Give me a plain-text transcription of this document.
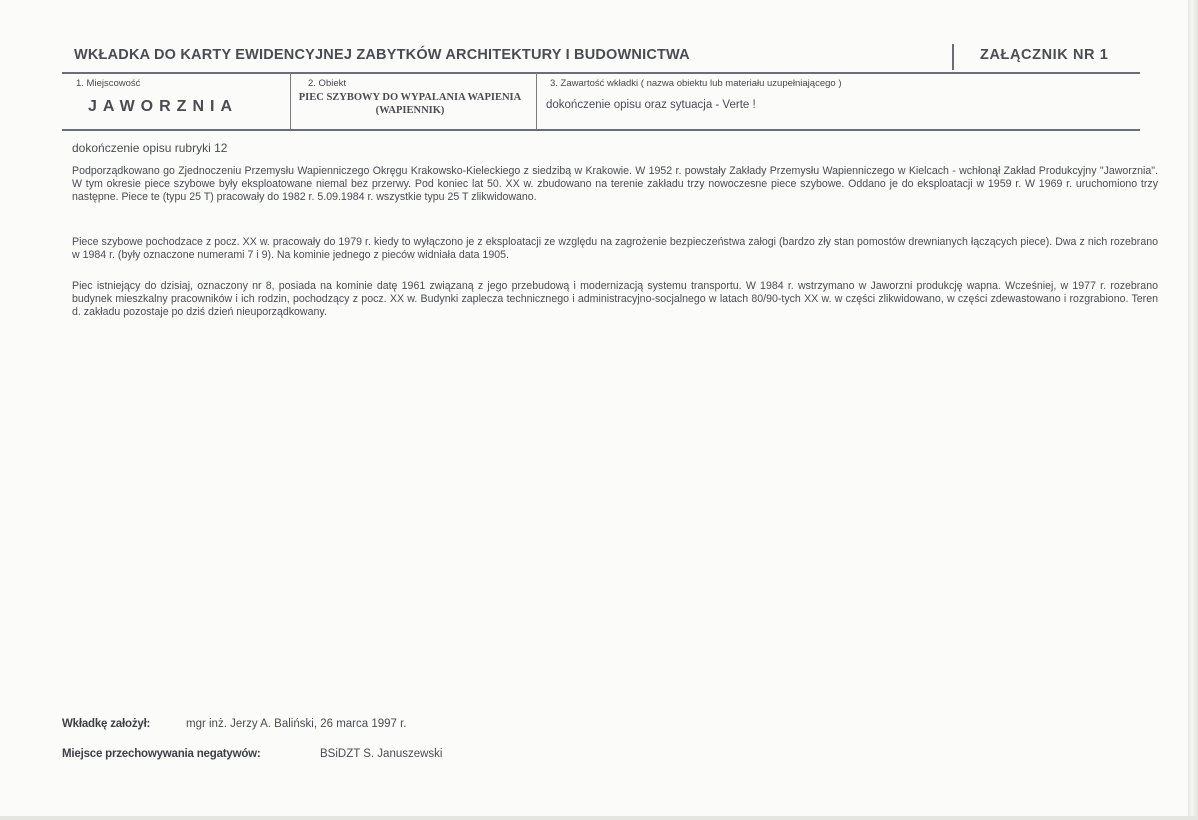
WKŁADKA DO KARTY EWIDENCYJNEJ ZABYTKÓW ARCHITEKTURY I BUDOWNICTWA	ZAŁĄCZNIK NR 1
1. Miejscowość
JAWORZNIA
2. Obiekt
PIEC SZYBOWY DO WYPALANIA WAPIENIA (WAPIENNIK)
3. Zawartość wkładki ( nazwa obiektu lub materiału uzupełniającego )
dokończenie opisu oraz sytuacja - Verte !
dokończenie opisu rubryki 12

Podporządkowano go Zjednoczeniu Przemysłu Wapienniczego Okręgu Krakowsko-Kieleckiego z siedzibą w Krakowie. W 1952 r. powstały Zakłady Przemysłu Wapienniczego w Kielcach - wchłonął Zakład Produkcyjny "Jaworznia". W tym okresie piece szybowe były eksploatowane niemal bez przerwy. Pod koniec lat 50. XX w. zbudowano na terenie zakładu trzy nowoczesne piece szybowe. Oddano je do eksploatacji w 1959 r. W 1969 r. uruchomiono trzy następne. Piece te (typu 25 T) pracowały do 1982 r. 5.09.1984 r. wszystkie typu 25 T zlikwidowano.

Piece szybowe pochodzace z pocz. XX w. pracowały do 1979 r. kiedy to wyłączono je z eksploatacji ze względu na zagrożenie bezpieczeństwa załogi (bardzo zły stan pomostów drewnianych łączących piece). Dwa z nich rozebrano w 1984 r. (były oznaczone numerami 7 i 9). Na kominie jednego z pieców widniała data 1905.

Piec istniejący do dzisiaj, oznaczony nr 8, posiada na kominie datę 1961 związaną z jego przebudową i modernizacją systemu transportu. W 1984 r. wstrzymano w Jaworzni produkcję wapna. Wcześniej, w 1977 r. rozebrano budynek mieszkalny pracowników i ich rodzin, pochodzący z pocz. XX w. Budynki zaplecza technicznego i administracyjno-socjalnego w latach 80/90-tych XX w. w części zlikwidowano, w części zdewastowano i rozgrabiono. Teren d. zakładu pozostaje po dziś dzień nieuporządkowany.

Wkładkę założył:	mgr inż. Jerzy A. Baliński, 26 marca 1997 r.
Miejsce przechowywania negatywów:	BSiDZT S. Januszewski
